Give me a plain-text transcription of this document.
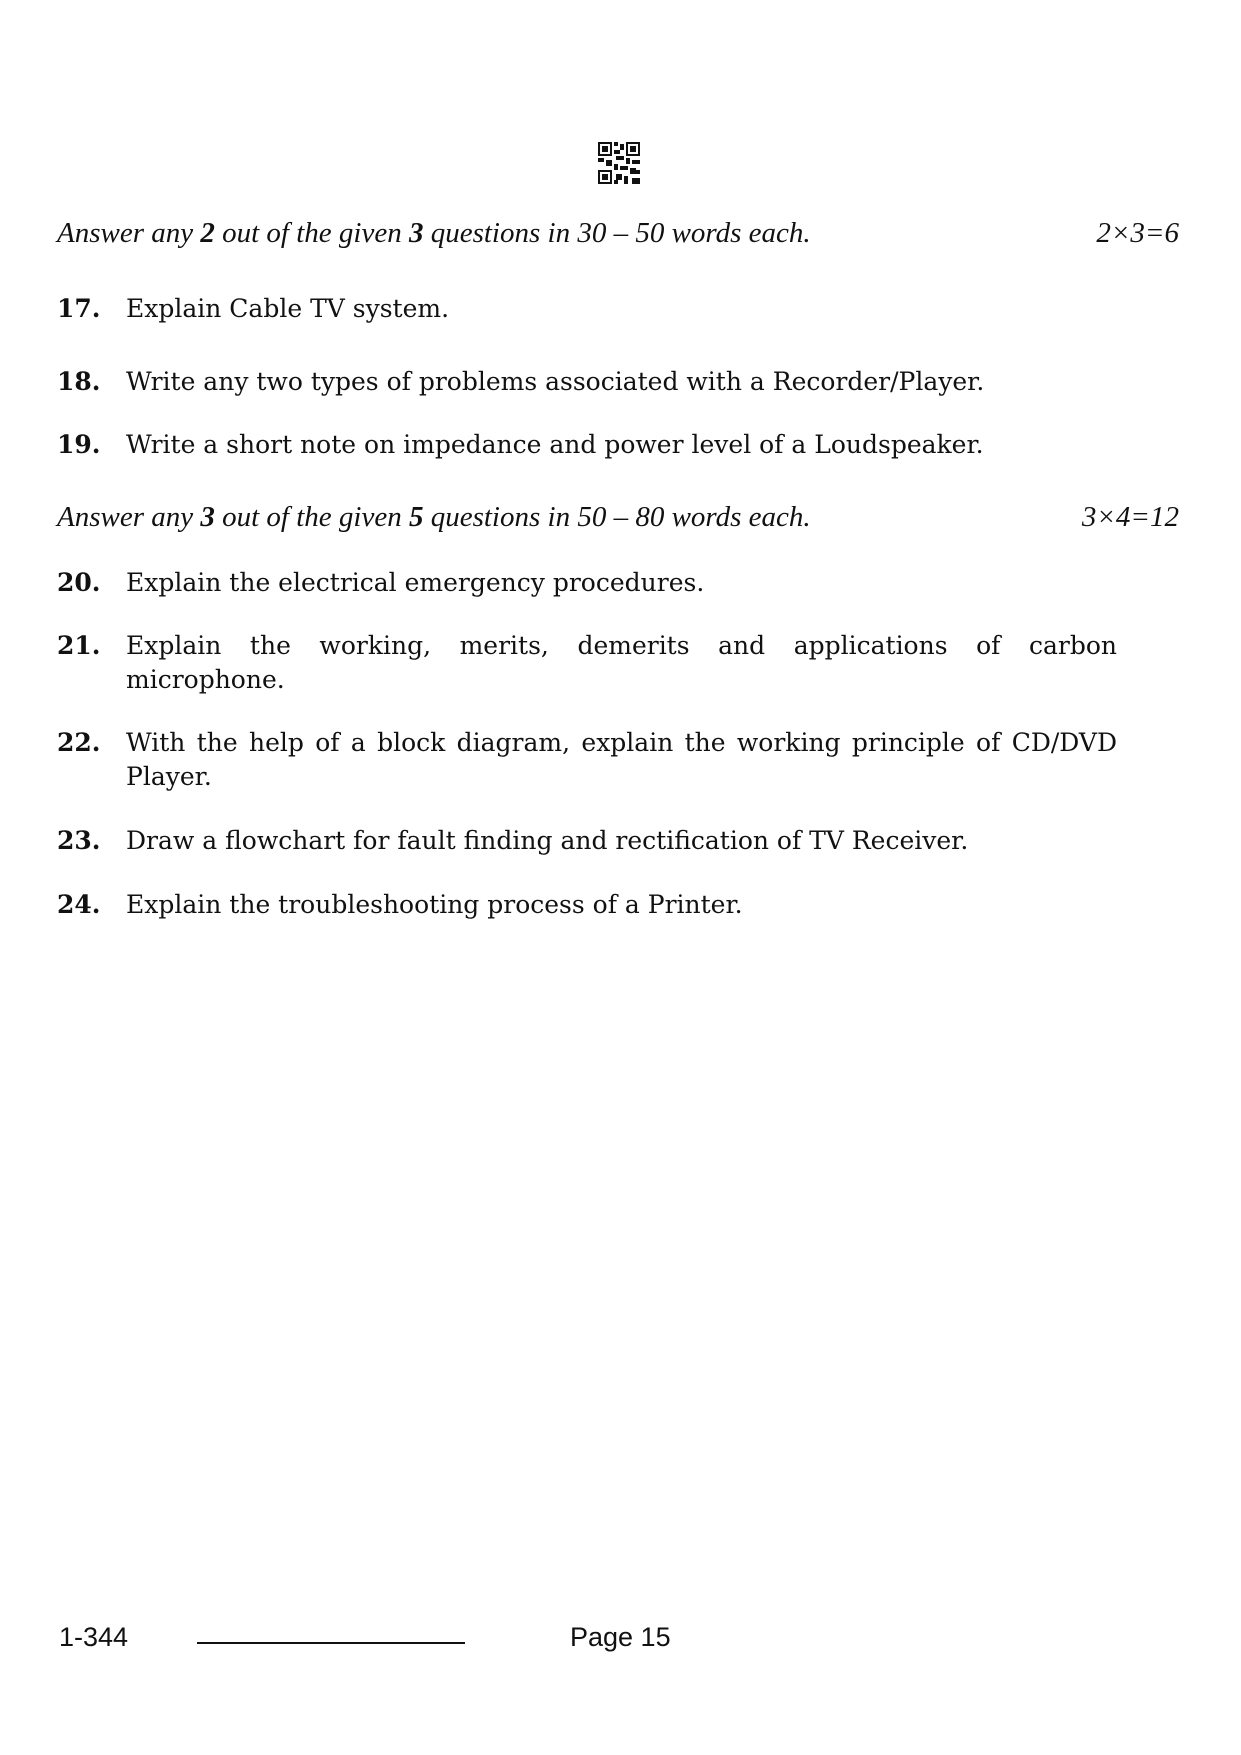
Answer any 2 out of the given 3 questions in 30 – 50 words each.	2×3=6
17. Explain Cable TV system.
18. Write any two types of problems associated with a Recorder/Player.
19. Write a short note on impedance and power level of a Loudspeaker.
Answer any 3 out of the given 5 questions in 50 – 80 words each.	3×4=12
20. Explain the electrical emergency procedures.
21. Explain the working, merits, demerits and applications of carbon microphone.
22. With the help of a block diagram, explain the working principle of CD/DVD Player.
23. Draw a flowchart for fault finding and rectification of TV Receiver.
24. Explain the troubleshooting process of a Printer.
1-344	Page 15
